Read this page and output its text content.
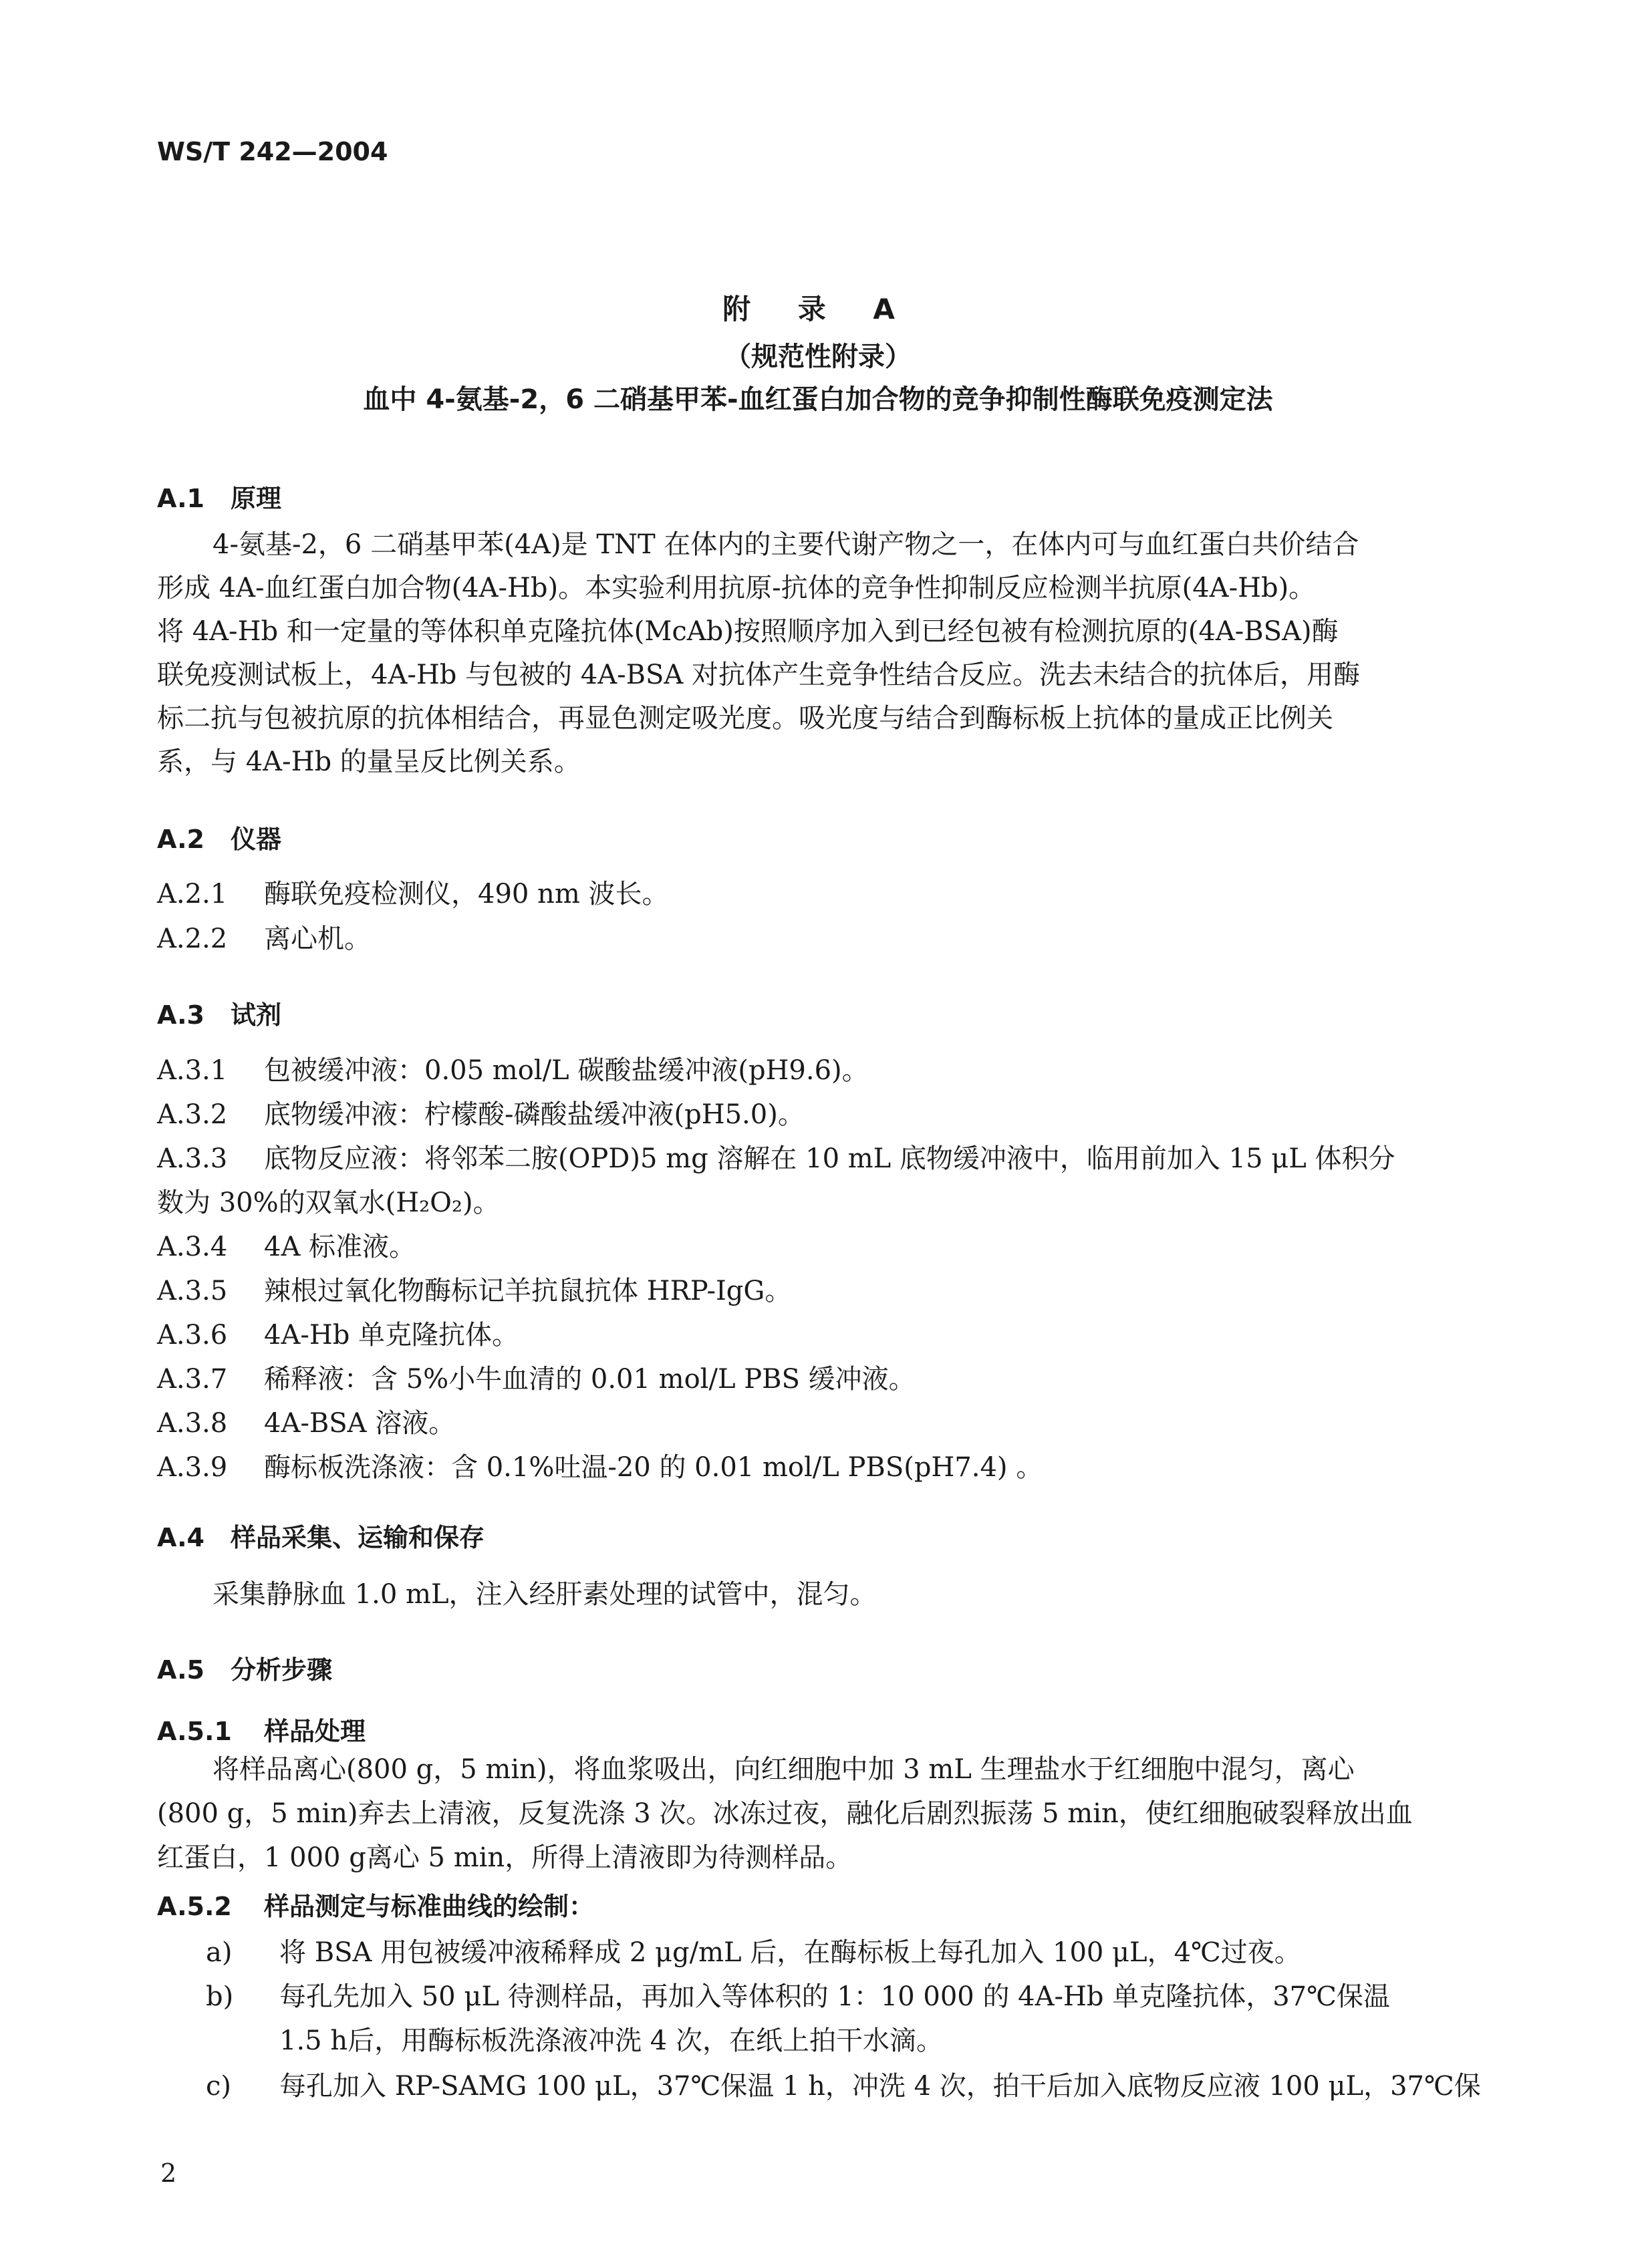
WS/T 242—2004
附 录 A
（规范性附录）
血中 4-氨基-2，6 二硝基甲苯-血红蛋白加合物的竞争抑制性酶联免疫测定法
A.1 原理
4-氨基-2，6 二硝基甲苯(4A)是 TNT 在体内的主要代谢产物之一，在体内可与血红蛋白共价结合
形成 4A-血红蛋白加合物(4A-Hb)。本实验利用抗原-抗体的竞争性抑制反应检测半抗原(4A-Hb)。
将 4A-Hb 和一定量的等体积单克隆抗体(McAb)按照顺序加入到已经包被有检测抗原的(4A-BSA)酶
联免疫测试板上，4A-Hb 与包被的 4A-BSA 对抗体产生竞争性结合反应。洗去未结合的抗体后，用酶
标二抗与包被抗原的抗体相结合，再显色测定吸光度。吸光度与结合到酶标板上抗体的量成正比例关
系，与 4A-Hb 的量呈反比例关系。
A.2 仪器
A.2.1 酶联免疫检测仪，490 nm 波长。
A.2.2 离心机。
A.3 试剂
A.3.1 包被缓冲液：0.05 mol/L 碳酸盐缓冲液(pH9.6)。
A.3.2 底物缓冲液：柠檬酸-磷酸盐缓冲液(pH5.0)。
A.3.3 底物反应液：将邻苯二胺(OPD)5 mg 溶解在 10 mL 底物缓冲液中，临用前加入 15 μL 体积分
数为 30%的双氧水(H₂O₂)。
A.3.4 4A 标准液。
A.3.5 辣根过氧化物酶标记羊抗鼠抗体 HRP-IgG。
A.3.6 4A-Hb 单克隆抗体。
A.3.7 稀释液：含 5%小牛血清的 0.01 mol/L PBS 缓冲液。
A.3.8 4A-BSA 溶液。
A.3.9 酶标板洗涤液：含 0.1%吐温-20 的 0.01 mol/L PBS(pH7.4) 。
A.4 样品采集、运输和保存
采集静脉血 1.0 mL，注入经肝素处理的试管中，混匀。
A.5 分析步骤
A.5.1 样品处理
将样品离心(800 g，5 min)，将血浆吸出，向红细胞中加 3 mL 生理盐水于红细胞中混匀，离心
(800 g，5 min)弃去上清液，反复洗涤 3 次。冰冻过夜，融化后剧烈振荡 5 min，使红细胞破裂释放出血
红蛋白，1 000 g离心 5 min，所得上清液即为待测样品。
A.5.2 样品测定与标准曲线的绘制：
a) 将 BSA 用包被缓冲液稀释成 2 μg/mL 后，在酶标板上每孔加入 100 μL，4℃过夜。
b) 每孔先加入 50 μL 待测样品，再加入等体积的 1：10 000 的 4A-Hb 单克隆抗体，37℃保温
1.5 h后，用酶标板洗涤液冲洗 4 次，在纸上拍干水滴。
c) 每孔加入 RP-SAMG 100 μL，37℃保温 1 h，冲洗 4 次，拍干后加入底物反应液 100 μL，37℃保
2
